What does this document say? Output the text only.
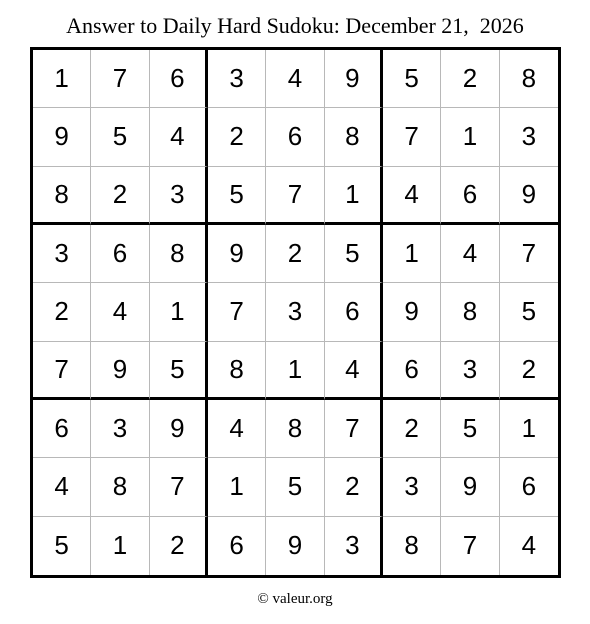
Answer to Daily Hard Sudoku: December 21,  2026
1	7	6	3	4	9	5	2	8
9	5	4	2	6	8	7	1	3
8	2	3	5	7	1	4	6	9
3	6	8	9	2	5	1	4	7
2	4	1	7	3	6	9	8	5
7	9	5	8	1	4	6	3	2
6	3	9	4	8	7	2	5	1
4	8	7	1	5	2	3	9	6
5	1	2	6	9	3	8	7	4
© valeur.org
